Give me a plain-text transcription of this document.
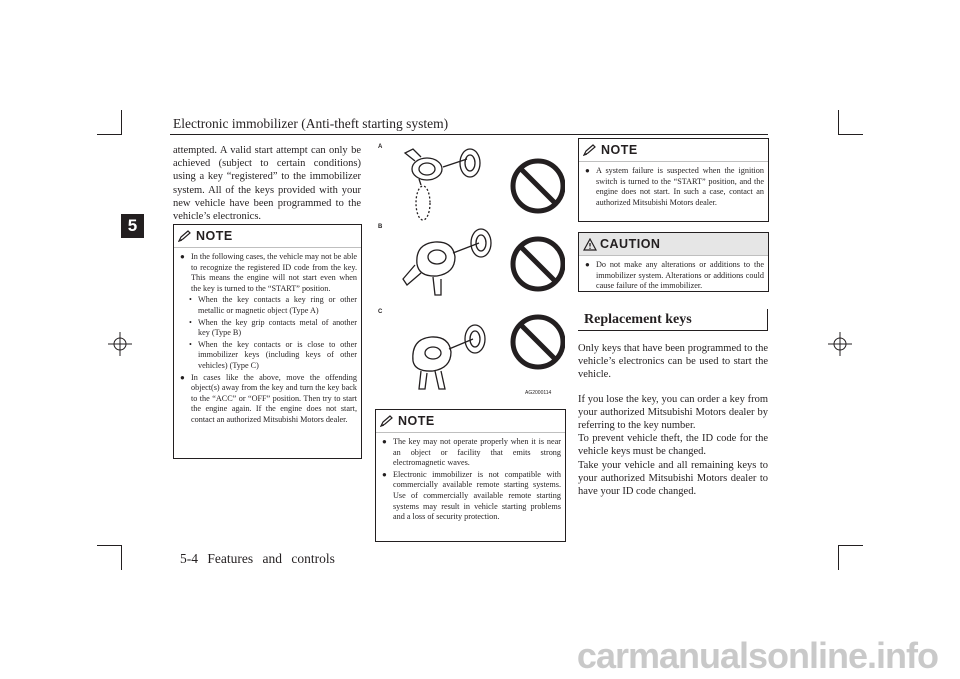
Electronic immobilizer (Anti-theft starting system)
5
attempted. A valid start attempt can only be achieved (subject to certain conditions) using a key “registered” to the immobilizer system. All of the keys provided with your new vehicle have been programmed to the vehicle’s electronics.
NOTE
● In the following cases, the vehicle may not be able to recognize the registered ID code from the key. This means the engine will not start even when the key is turned to the “START” position.
• When the key contacts a key ring or other metallic or magnetic object (Type A)
• When the key grip contacts metal of another key (Type B)
• When the key contacts or is close to other immobilizer keys (including keys of other vehicles) (Type C)
● In cases like the above, move the offending object(s) away from the key and turn the key back to the “ACC” or “OFF” position. Then try to start the engine again. If the engine does not start, contact an authorized Mitsubishi Motors dealer.
A
B
C
AG2000114
NOTE
● The key may not operate properly when it is near an object or facility that emits strong electromagnetic waves.
● Electronic immobilizer is not compatible with commercially available remote starting systems. Use of commercially available remote starting systems may result in vehicle starting problems and a loss of security protection.
NOTE
● A system failure is suspected when the ignition switch is turned to the “START” position, and the engine does not start. In such a case, contact an authorized Mitsubishi Motors dealer.
CAUTION
● Do not make any alterations or additions to the immobilizer system. Alterations or additions could cause failure of the immobilizer.
Replacement keys

Only keys that have been programmed to the vehicle’s electronics can be used to start the vehicle.

If you lose the key, you can order a key from your authorized Mitsubishi Motors dealer by referring to the key number.

To prevent vehicle theft, the ID code for the vehicle keys must be changed.

Take your vehicle and all remaining keys to your authorized Mitsubishi Motors dealer to have your ID code changed.

5-4 Features and controls
carmanualsonline.info
